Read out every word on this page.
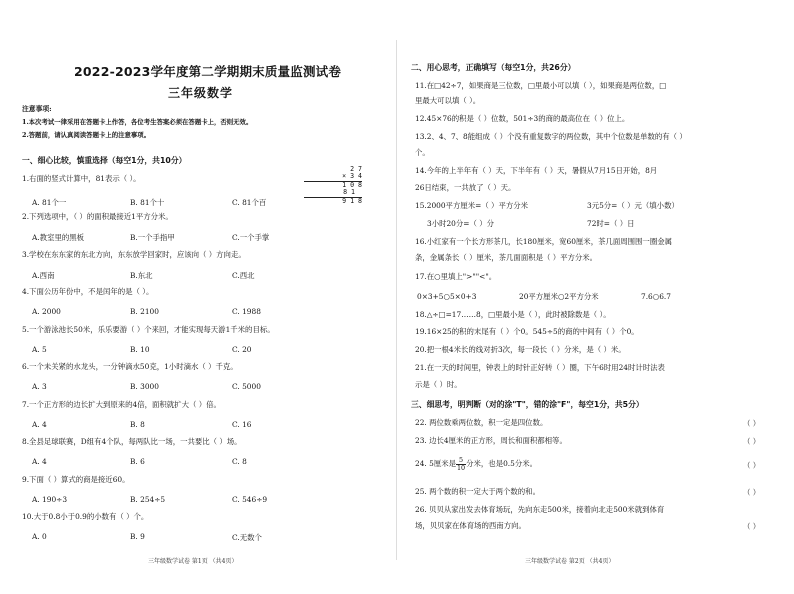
2022-2023学年度第二学期期末质量监测试卷
三年级数学
注意事项:
1.本次考试一律采用在答题卡上作答，各位考生答案必须在答题卡上，否则无效。
2.答题前，请认真阅读答题卡上的注意事项。
一、细心比较，慎重选择（每空1分，共10分）
2 7
× 3 4
1 0 8
8 1
9 1 8
1.右面的竖式计算中，81表示（ ）。
A. 81个一	B. 81个十	C. 81个百
2.下列选项中，（ ）的面积最接近1平方分米。
A.教室里的黑板	B.一个手指甲	C.一个手掌
3.学校在东东家的东北方向，东东放学回家时，应该向（ ）方向走。
A.西南	B.东北	C.西北
4.下面公历年份中，不是闰年的是（ ）。
A. 2000	B. 2100	C. 1988
5.一个游泳池长50米，乐乐要游（ ）个来回，才能实现每天游1千米的目标。
A. 5	B. 10	C. 20
6.一个未关紧的水龙头，一分钟滴水50克，1小时滴水（ ）千克。
A. 3	B. 3000	C. 5000
7.一个正方形的边长扩大到原来的4倍，面积就扩大（ ）倍。
A. 4	B. 8	C. 16
8.全县足球联赛，D组有4个队，每两队比一场，一共要比（ ）场。
A. 4	B. 6	C. 8
9.下面（ ）算式的商是接近60。
A. 190÷3	B. 254÷5	C. 546÷9
10.大于0.8小于0.9的小数有（ ）个。
A. 0	B. 9	C.无数个
三年级数学试卷 第1页 （共4页）
二、用心思考，正确填写（每空1分，共26分）
11.在□42÷7，如果商是三位数，□里最小可以填（ ），如果商是两位数，□
里最大可以填（ ）。
12.45×76的积是（ ）位数，501÷3的商的最高位在（ ）位上。
13.2、4、7、8能组成（ ）个没有重复数字的两位数，其中个位数是单数的有（ ）
个。
14.今年的上半年有（ ）天，下半年有（ ）天，暑假从7月15日开始，8月
26日结束，一共放了（ ）天。
15.2000平方厘米=（ ）平方分米	3元5分=（ ）元（填小数）
3小时20分=（ ）分	72时=（ ）日
16.小红家有一个长方形茶几，长180厘米，宽60厘米，茶几面周围围一圈金属
条，金属条长（ ）厘米，茶几面面积是（ ）平方分米。
17.在○里填上">""<"。
0×3+5○5×0+3	20平方厘米○2平方分米	7.6○6.7
18.△÷□=17……8，□里最小是（ ），此时被除数是（ ）。
19.16×25的积的末尾有（ ）个0。545÷5的商的中间有（ ）个0。
20.把一根4米长的线对折3次，每一段长（ ）分米，是（ ）米。
21.在一天的时间里，钟表上的时针正好转（ ）圈，下午6时用24时计时法表
示是（ ）时。
三、细思考，明判断（对的涂"T"，错的涂"F"，每空1分，共5分）
22. 两位数乘两位数，积一定是四位数。	（ ）
23. 边长4厘米的正方形，周长和面积都相等。	（ ）
24. 5厘米是 $\frac{5}{10}$ 分米，也是0.5分米。	（ ）
25. 两个数的积一定大于两个数的和。	（ ）
26. 贝贝从家出发去体育场玩，先向东走500米，接着向北走500米就到体育
场，贝贝家在体育场的西南方向。	（ ）
三年级数学试卷 第2页 （共4页）
